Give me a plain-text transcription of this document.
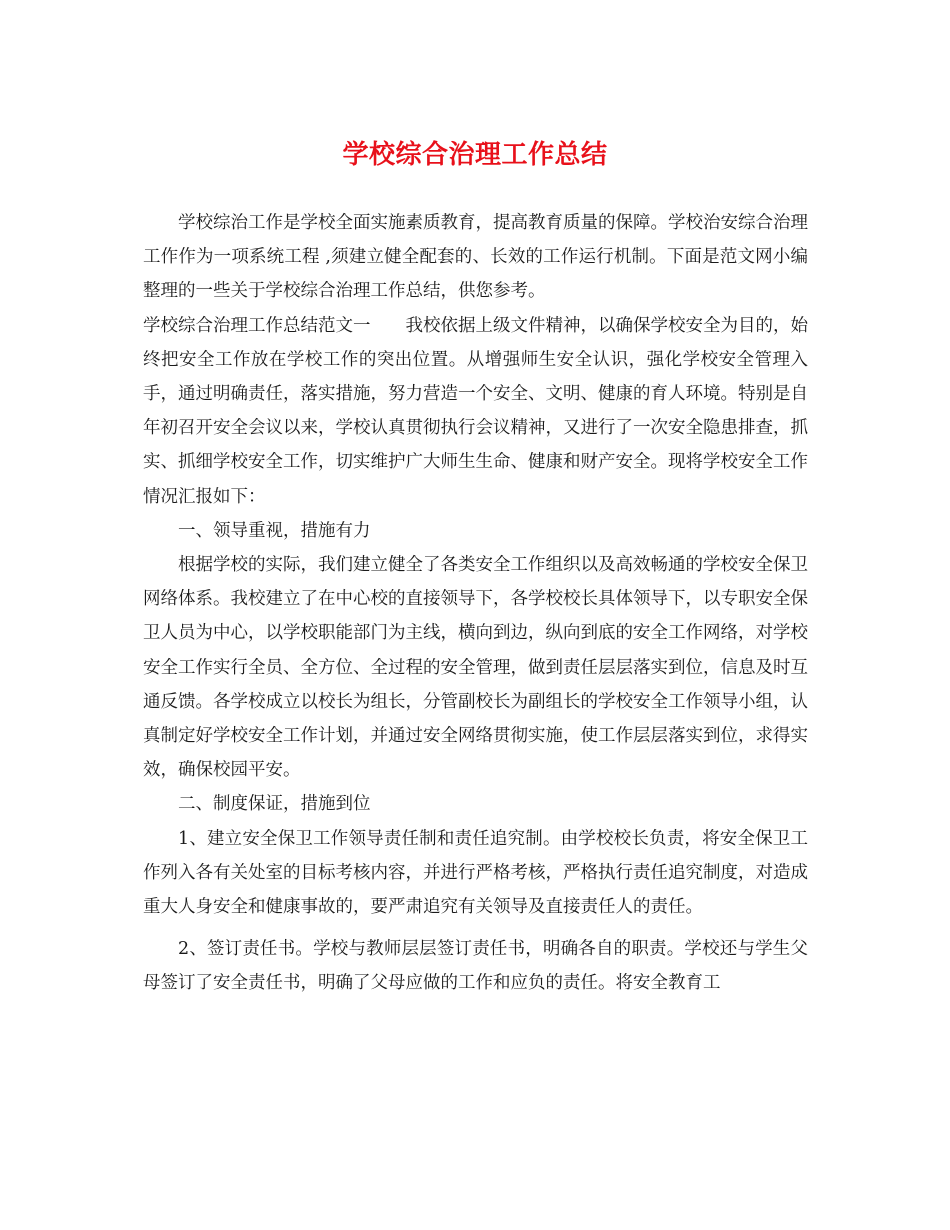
学校综合治理工作总结

学校综治工作是学校全面实施素质教育，提高教育质量的保障。学校治安综合治理工作作为一项系统工程 ,须建立健全配套的、长效的工作运行机制。下面是范文网小编整理的一些关于学校综合治理工作总结，供您参考。

学校综合治理工作总结范文一　　我校依据上级文件精神，以确保学校安全为目的，始终把安全工作放在学校工作的突出位置。从增强师生安全认识，强化学校安全管理入手，通过明确责任，落实措施，努力营造一个安全、文明、健康的育人环境。特别是自年初召开安全会议以来，学校认真贯彻执行会议精神，又进行了一次安全隐患排查，抓实、抓细学校安全工作，切实维护广大师生生命、健康和财产安全。现将学校安全工作情况汇报如下：

一、领导重视，措施有力

根据学校的实际，我们建立健全了各类安全工作组织以及高效畅通的学校安全保卫网络体系。我校建立了在中心校的直接领导下，各学校校长具体领导下，以专职安全保卫人员为中心，以学校职能部门为主线，横向到边，纵向到底的安全工作网络，对学校安全工作实行全员、全方位、全过程的安全管理，做到责任层层落实到位，信息及时互通反馈。各学校成立以校长为组长，分管副校长为副组长的学校安全工作领导小组，认真制定好学校安全工作计划，并通过安全网络贯彻实施，使工作层层落实到位，求得实效，确保校园平安。

二、制度保证，措施到位

1、建立安全保卫工作领导责任制和责任追究制。由学校校长负责，将安全保卫工作列入各有关处室的目标考核内容，并进行严格考核，严格执行责任追究制度，对造成重大人身安全和健康事故的，要严肃追究有关领导及直接责任人的责任。

2、签订责任书。学校与教师层层签订责任书，明确各自的职责。学校还与学生父母签订了安全责任书，明确了父母应做的工作和应负的责任。将安全教育工
